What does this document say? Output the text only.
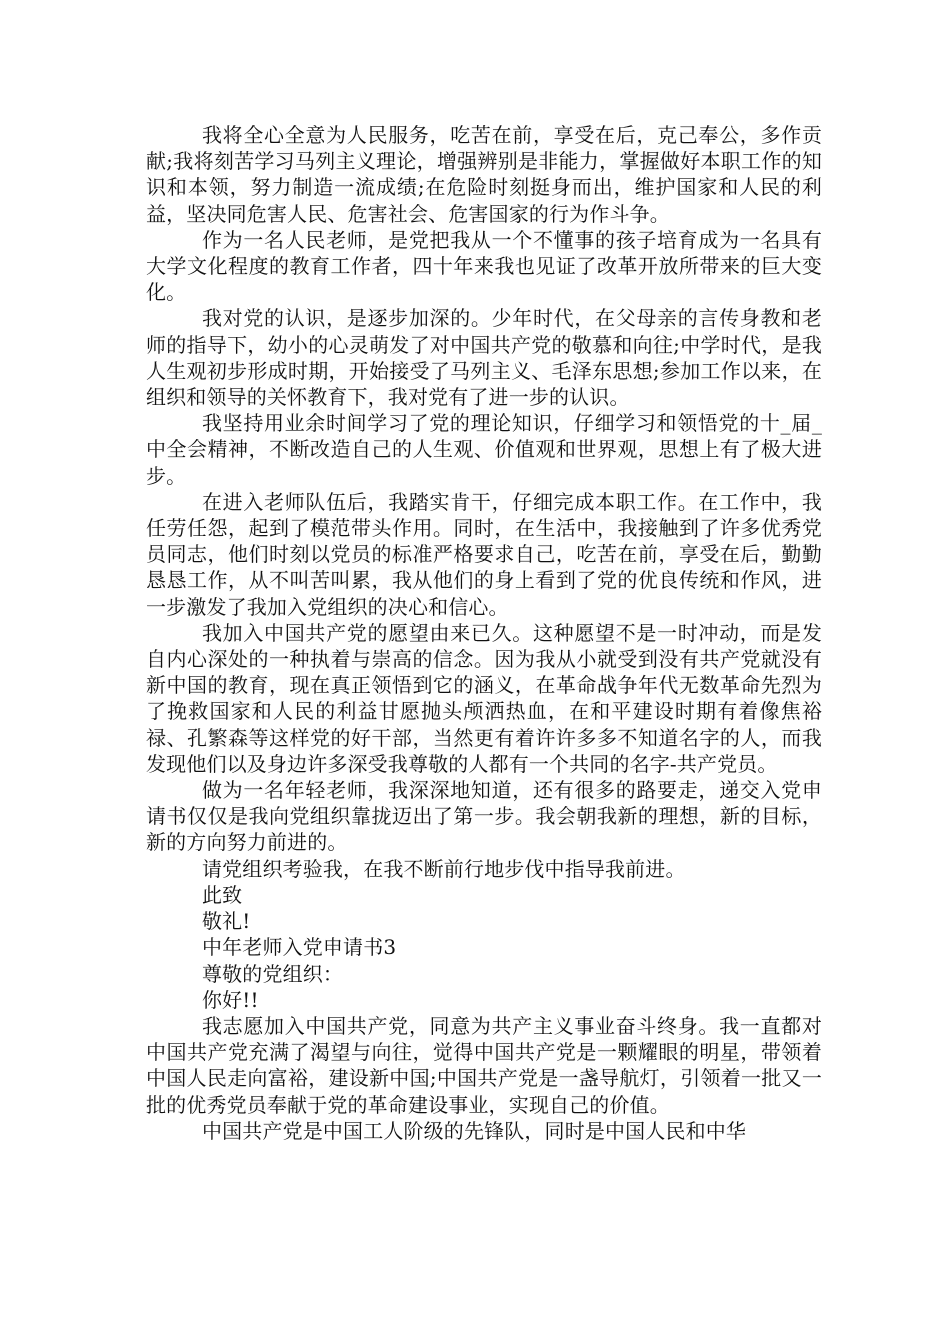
我将全心全意为人民服务，吃苦在前，享受在后，克己奉公，多作贡献;我将刻苦学习马列主义理论，增强辨别是非能力，掌握做好本职工作的知识和本领，努力制造一流成绩;在危险时刻挺身而出，维护国家和人民的利益，坚决同危害人民、危害社会、危害国家的行为作斗争。

作为一名人民老师，是党把我从一个不懂事的孩子培育成为一名具有大学文化程度的教育工作者，四十年来我也见证了改革开放所带来的巨大变化。

我对党的认识，是逐步加深的。少年时代，在父母亲的言传身教和老师的指导下，幼小的心灵萌发了对中国共产党的敬慕和向往;中学时代，是我人生观初步形成时期，开始接受了马列主义、毛泽东思想;参加工作以来，在组织和领导的关怀教育下，我对党有了进一步的认识。

我坚持用业余时间学习了党的理论知识，仔细学习和领悟党的十_届_中全会精神，不断改造自己的人生观、价值观和世界观，思想上有了极大进步。

在进入老师队伍后，我踏实肯干，仔细完成本职工作。在工作中，我任劳任怨，起到了模范带头作用。同时，在生活中，我接触到了许多优秀党员同志，他们时刻以党员的标准严格要求自己，吃苦在前，享受在后，勤勤恳恳工作，从不叫苦叫累，我从他们的身上看到了党的优良传统和作风，进一步激发了我加入党组织的决心和信心。

我加入中国共产党的愿望由来已久。这种愿望不是一时冲动，而是发自内心深处的一种执着与崇高的信念。因为我从小就受到没有共产党就没有新中国的教育，现在真正领悟到它的涵义，在革命战争年代无数革命先烈为了挽救国家和人民的利益甘愿抛头颅洒热血，在和平建设时期有着像焦裕禄、孔繁森等这样党的好干部，当然更有着许许多多不知道名字的人，而我发现他们以及身边许多深受我尊敬的人都有一个共同的名字-共产党员。

做为一名年轻老师，我深深地知道，还有很多的路要走，递交入党申请书仅仅是我向党组织靠拢迈出了第一步。我会朝我新的理想，新的目标，新的方向努力前进的。

请党组织考验我，在我不断前行地步伐中指导我前进。

此致

敬礼!

中年老师入党申请书3

尊敬的党组织：

你好!!

我志愿加入中国共产党，同意为共产主义事业奋斗终身。我一直都对中国共产党充满了渴望与向往，觉得中国共产党是一颗耀眼的明星，带领着中国人民走向富裕，建设新中国;中国共产党是一盏导航灯，引领着一批又一批的优秀党员奉献于党的革命建设事业，实现自己的价值。

中国共产党是中国工人阶级的先锋队，同时是中国人民和中华
